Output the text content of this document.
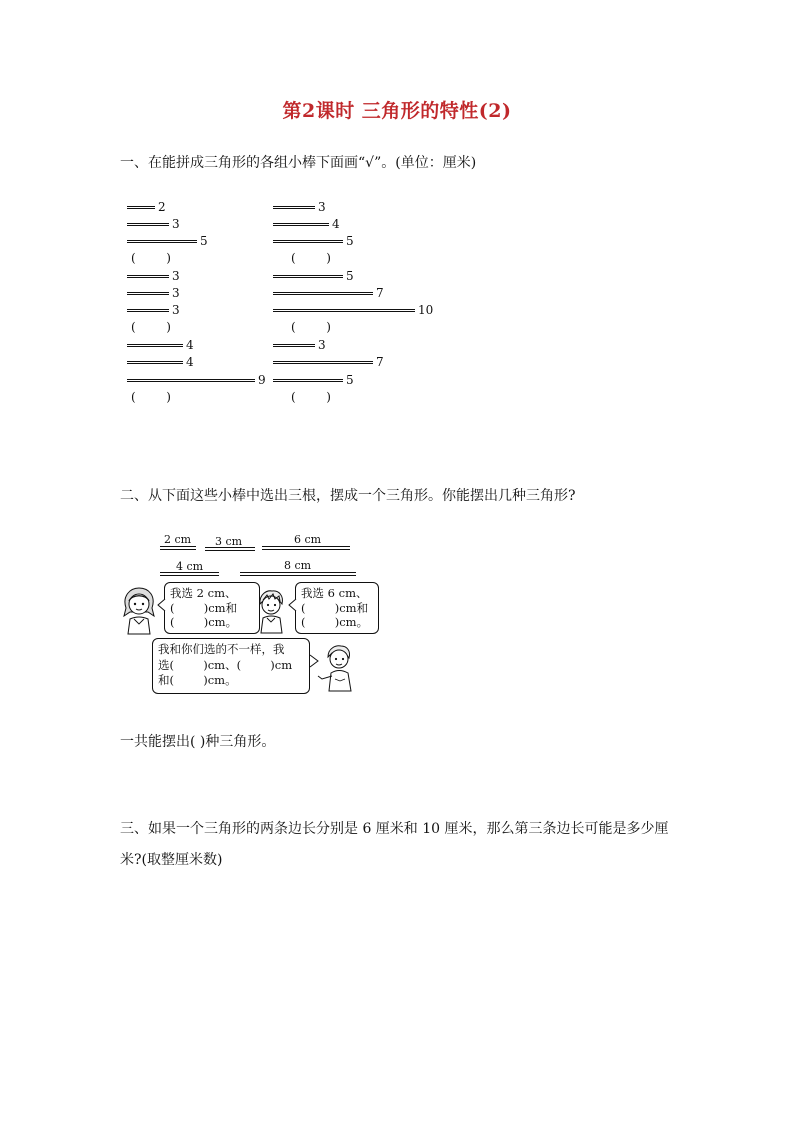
第2课时 三角形的特性(2)
一、在能拼成三角形的各组小棒下面画“√”。(单位：厘米)
2
3
5
(        )
3
3
3
(        )
4
4
9
(        )
3
4
5
(        )
5
7
10
(        )
3
7
5
(        )
二、从下面这些小棒中选出三根，摆成一个三角形。你能摆出几种三角形?
2 cm 3 cm	6 cm
4 cm	8 cm
我选 2 cm、
(        )cm和
(        )cm。
我选 6 cm、
(        )cm和
(        )cm。
我和你们选的不一样，我
选(        )cm、(        )cm
和(        )cm。
一共能摆出( )种三角形。
三、如果一个三角形的两条边长分别是 6 厘米和 10 厘米，那么第三条边长可能是多少厘
米?(取整厘米数)
